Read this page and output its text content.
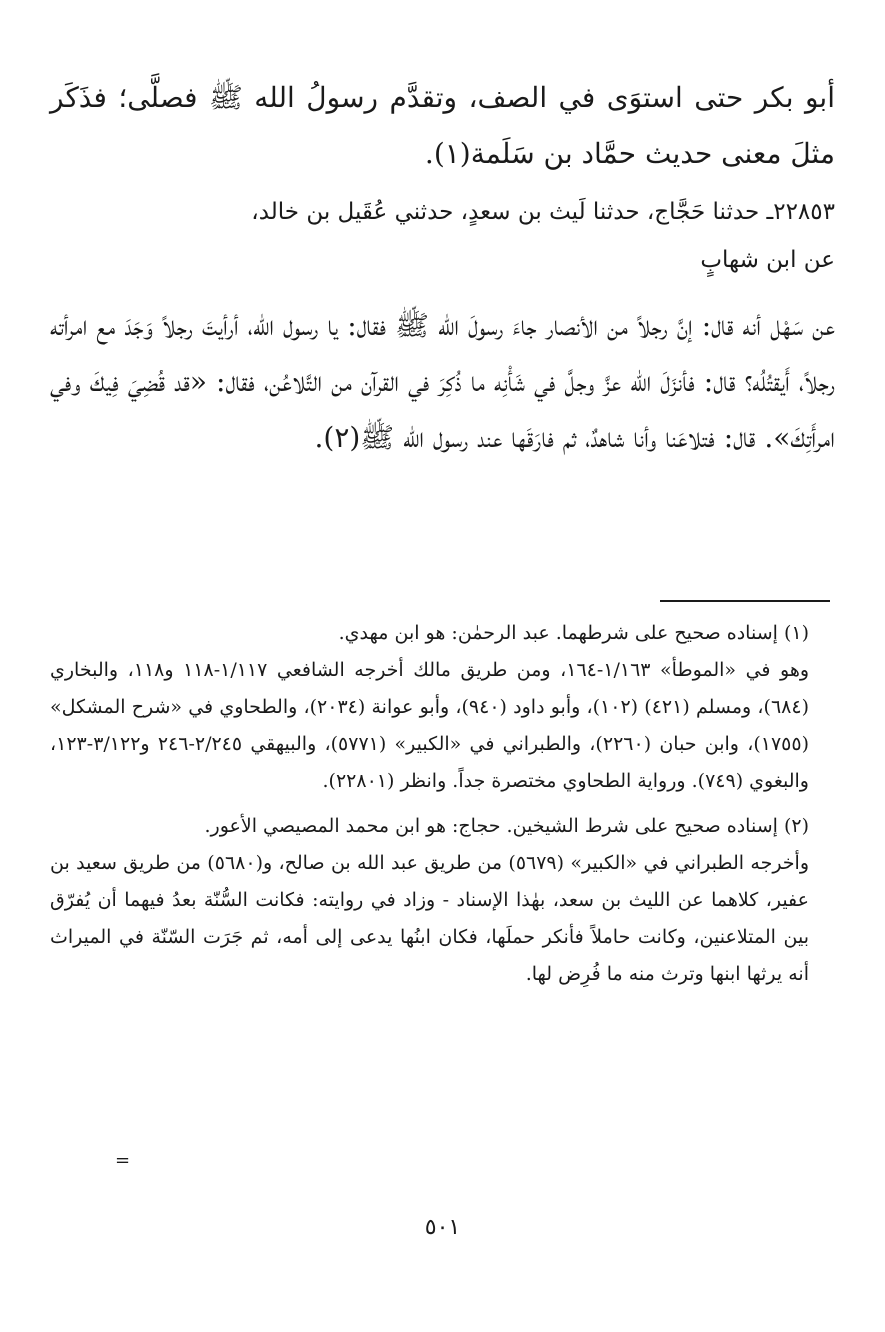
أبو بكر حتى استوَى في الصف، وتقدَّم رسولُ الله ﷺ فصلَّى؛ فذَكَر مثلَ معنى حديث حمَّاد بن سَلَمة(١).

٢٢٨٥٣ـ حدثنا حَجَّاج، حدثنا لَيث بن سعدٍ، حدثني عُقَيل بن خالد،

عن ابن شهابٍ

عن سَهْل أنه قال: إنَّ رجلاً من الأنصار جاءَ رسولَ الله ﷺ فقال: يا رسول الله، أرأيتَ رجلاً وَجَدَ مع امرأته رجلاً، أَيقتُلُه؟ قال: فأنزَلَ الله عزَّ وجلَّ في شَأْنِه ما ذُكِرَ في القرآن من التَّلاعُن، فقال: «قد قُضِيَ فِيكَ وفي امرأَتِكَ». قال: فتلاعَنا وأنا شاهدٌ، ثم فارَقَها عند رسول الله ﷺ(٢).

(١) إسناده صحيح على شرطهما. عبد الرحمٰن: هو ابن مهدي.

وهو في «الموطأ» ١/١٦٣-١٦٤، ومن طريق مالك أخرجه الشافعي ١/١١٧-١١٨ و١١٨، والبخاري (٦٨٤)، ومسلم (٤٢١) (١٠٢)، وأبو داود (٩٤٠)، وأبو عوانة (٢٠٣٤)، والطحاوي في «شرح المشكل» (١٧٥٥)، وابن حبان (٢٢٦٠)، والطبراني في «الكبير» (٥٧٧١)، والبيهقي ٢/٢٤٥-٢٤٦ و٣/١٢٢-١٢٣، والبغوي (٧٤٩). ورواية الطحاوي مختصرة جداً. وانظر (٢٢٨٠١).

(٢) إسناده صحيح على شرط الشيخين. حجاج: هو ابن محمد المصيصي الأعور.

وأخرجه الطبراني في «الكبير» (٥٦٧٩) من طريق عبد الله بن صالح، و(٥٦٨٠) من طريق سعيد بن عفير، كلاهما عن الليث بن سعد، بهٰذا الإسناد - وزاد في روايته: فكانت السُّنّة بعدُ فيهما أن يُفرّق بين المتلاعنين، وكانت حاملاً فأنكر حملَها، فكان ابنُها يدعى إلى أمه، ثم جَرَت السّنّة في الميراث أنه يرثها ابنها وترث منه ما فُرِض لها.

=
٥٠١
